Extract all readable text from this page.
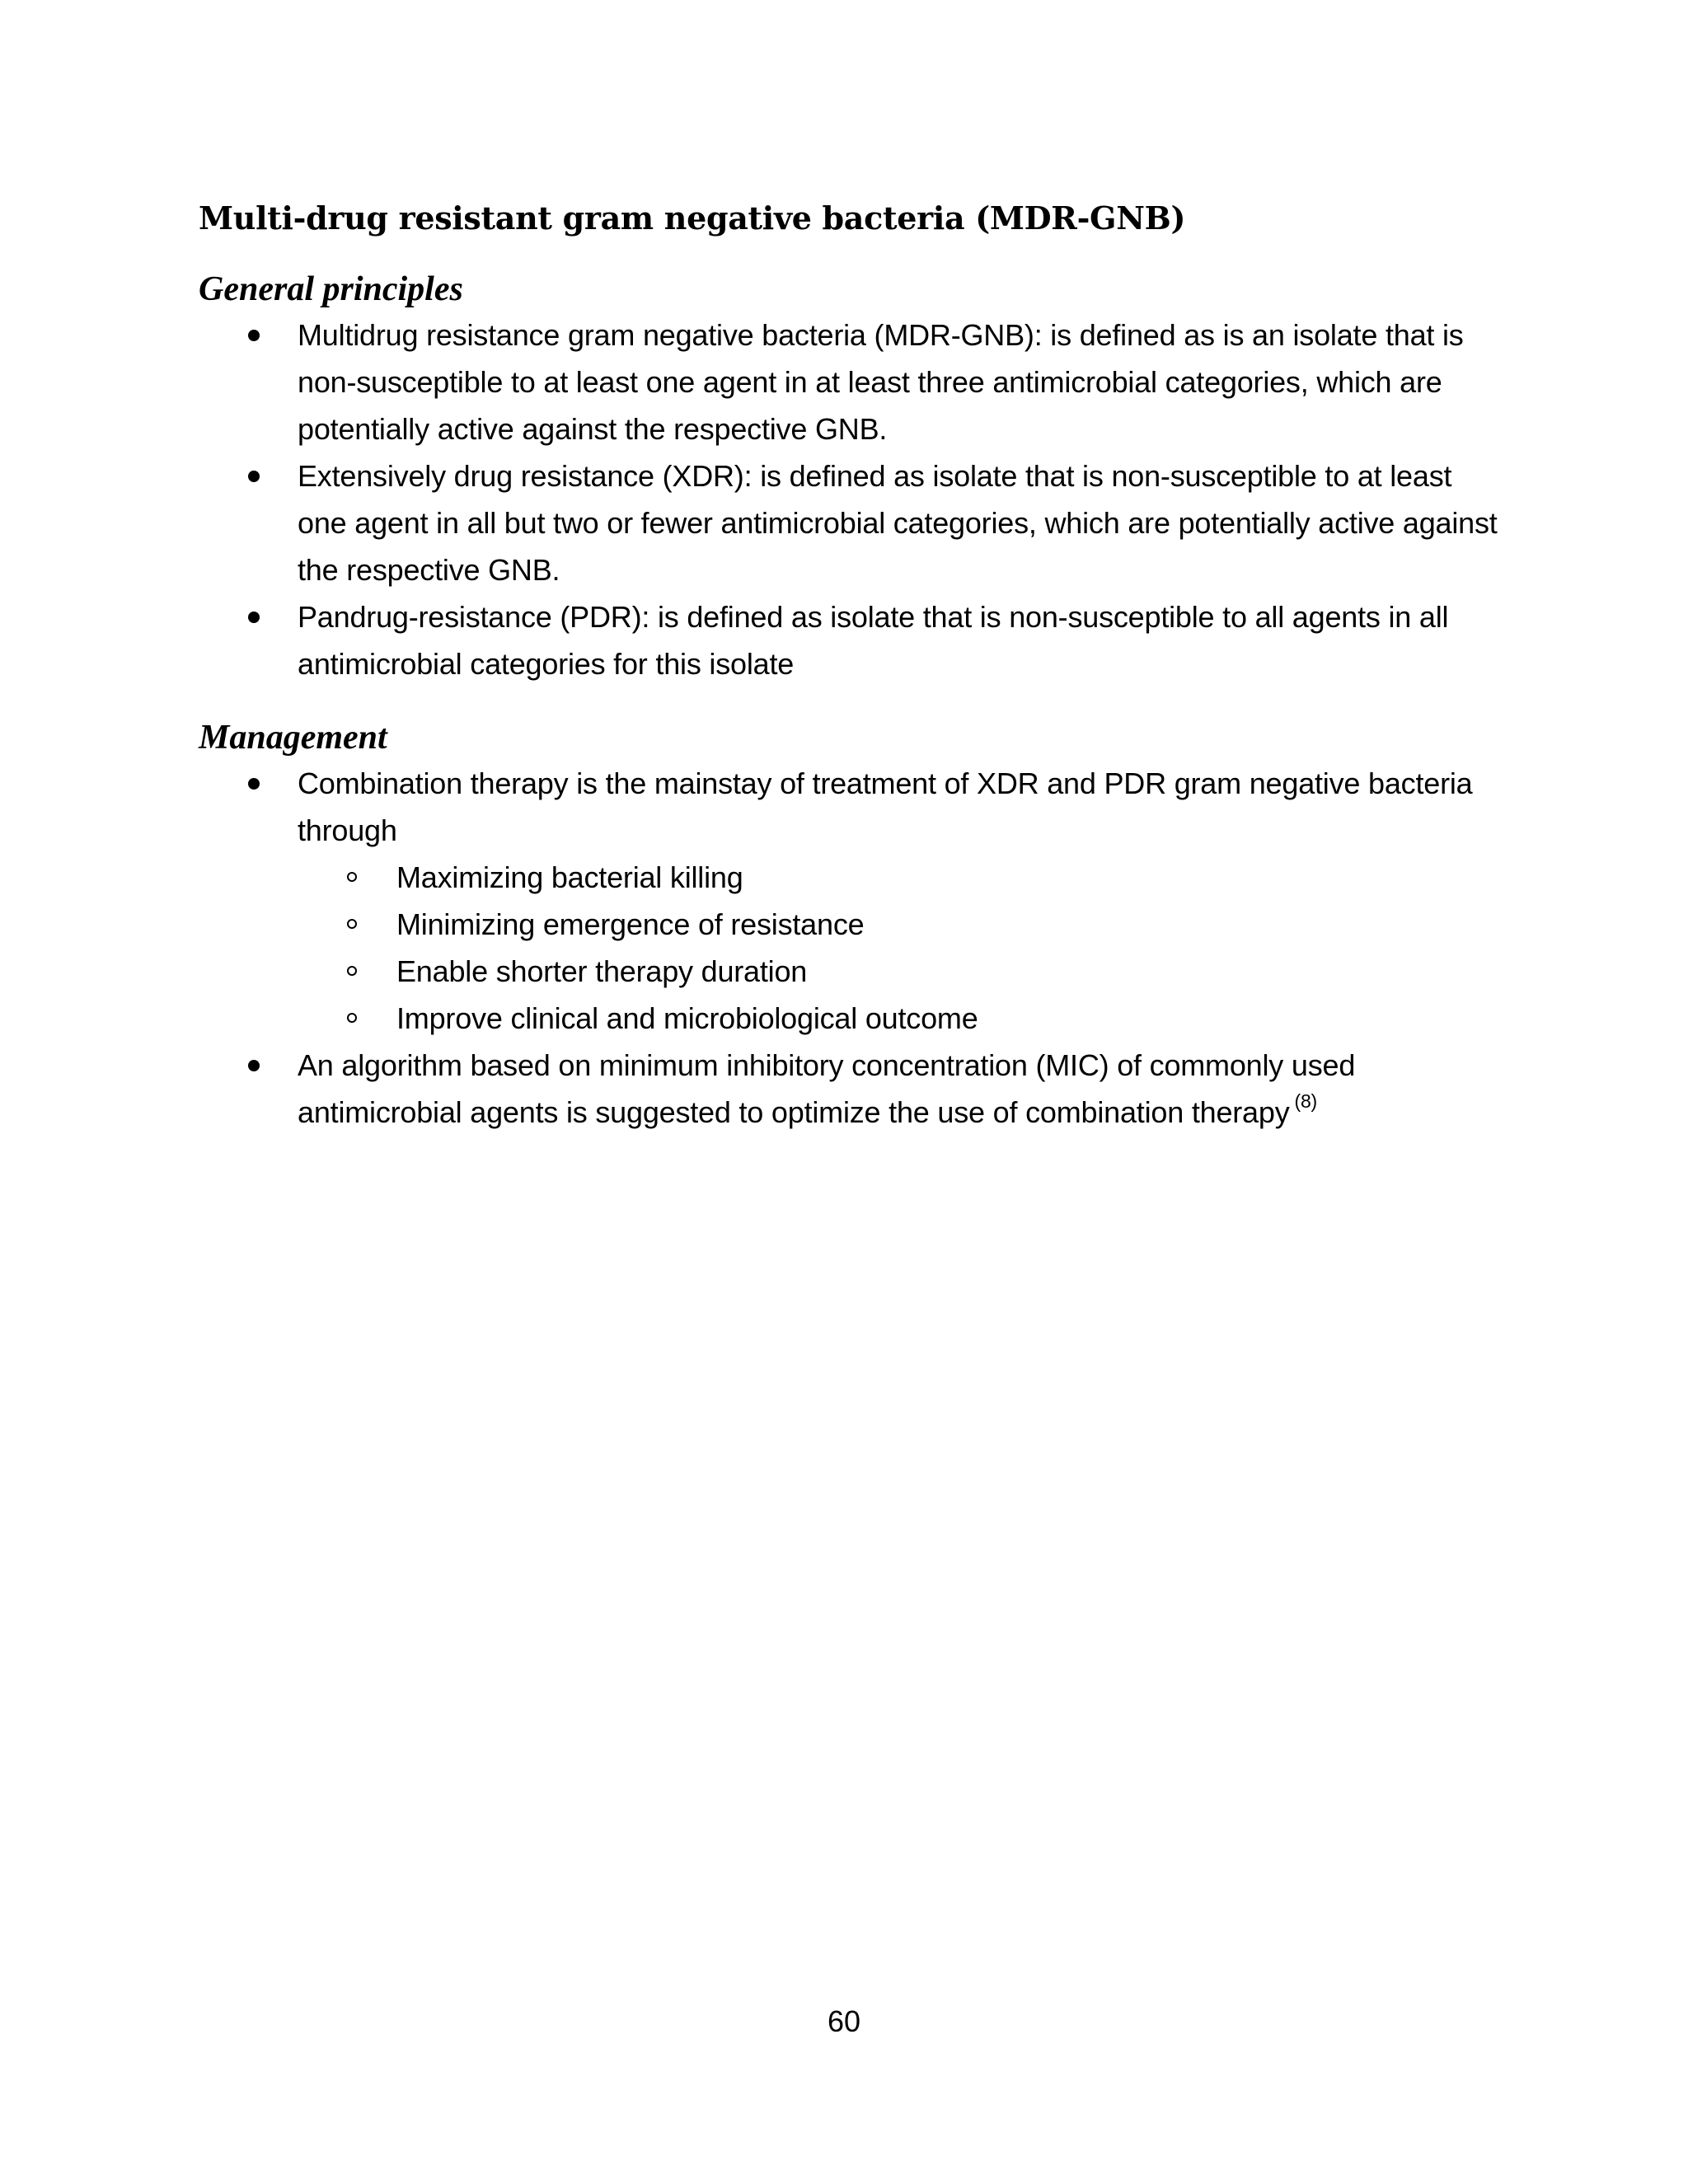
Multi-drug resistant gram negative bacteria (MDR-GNB)
General principles
Multidrug resistance gram negative bacteria (MDR-GNB): is defined as is an isolate that is non-susceptible to at least one agent in at least three antimicrobial categories, which are potentially active against the respective GNB.
Extensively drug resistance (XDR): is defined as isolate that is non-susceptible to at least one agent in all but two or fewer antimicrobial categories, which are potentially active against the respective GNB.
Pandrug-resistance (PDR): is defined as isolate that is non-susceptible to all agents in all antimicrobial categories for this isolate
Management
Combination therapy is the mainstay of treatment of XDR and PDR gram negative bacteria through
Maximizing bacterial killing
Minimizing emergence of resistance
Enable shorter therapy duration
Improve clinical and microbiological outcome
An algorithm based on minimum inhibitory concentration (MIC) of commonly used antimicrobial agents is suggested to optimize the use of combination therapy $^{(8)}$
60
